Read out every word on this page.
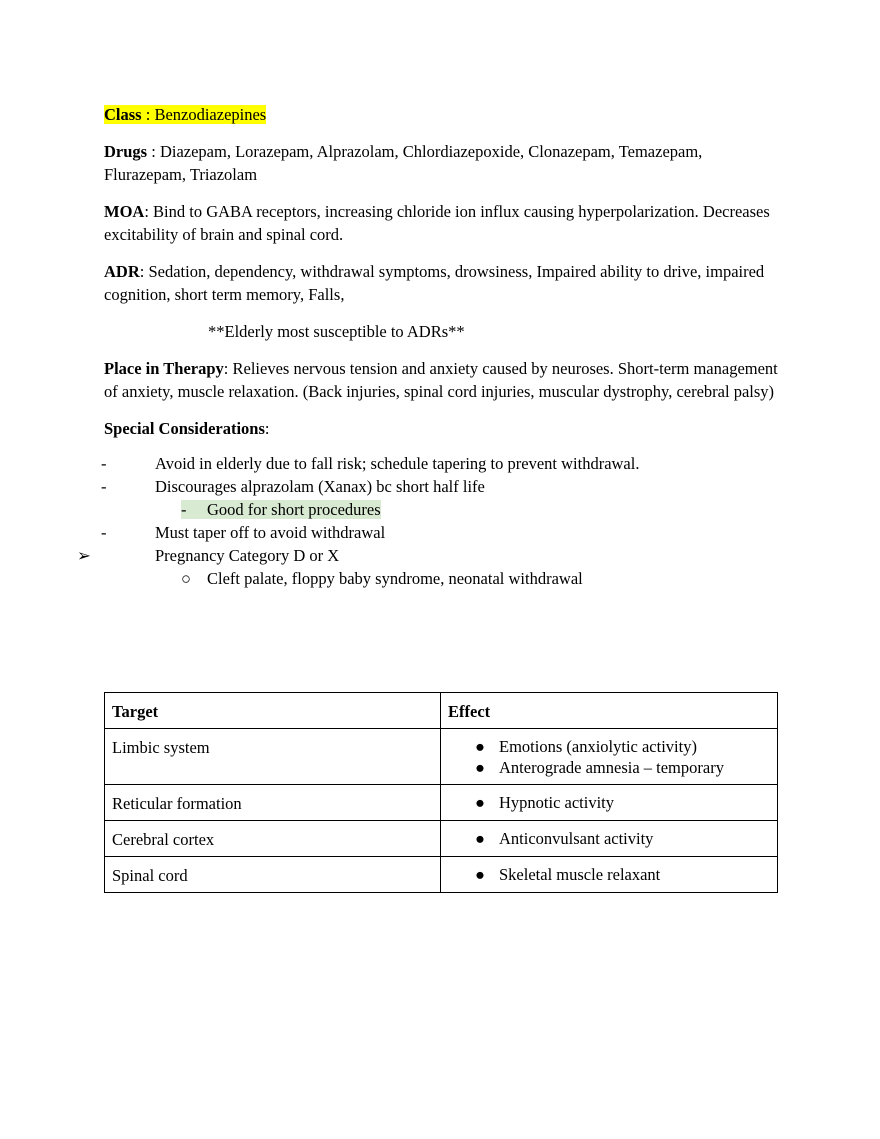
Class : Benzodiazepines

Drugs : Diazepam, Lorazepam, Alprazolam, Chlordiazepoxide, Clonazepam, Temazepam, Flurazepam, Triazolam

MOA: Bind to GABA receptors, increasing chloride ion influx causing hyperpolarization. Decreases excitability of brain and spinal cord.

ADR: Sedation, dependency, withdrawal symptoms, drowsiness, Impaired ability to drive, impaired cognition, short term memory, Falls,

**Elderly most susceptible to ADRs**

Place in Therapy: Relieves nervous tension and anxiety caused by neuroses. Short-term management of anxiety, muscle relaxation. (Back injuries, spinal cord injuries, muscular dystrophy, cerebral palsy)

Special Considerations:

-	Avoid in elderly due to fall risk; schedule tapering to prevent withdrawal.
-	Discourages alprazolam (Xanax) bc short half life
- Good for short procedures
-	Must taper off to avoid withdrawal
➢	Pregnancy Category D or X
○ Cleft palate, floppy baby syndrome, neonatal withdrawal
Target	Effect
Limbic system	● Emotions (anxiolytic activity)
● Anterograde amnesia – temporary

Reticular formation	● Hypnotic activity

Cerebral cortex	● Anticonvulsant activity

Spinal cord	● Skeletal muscle relaxant
